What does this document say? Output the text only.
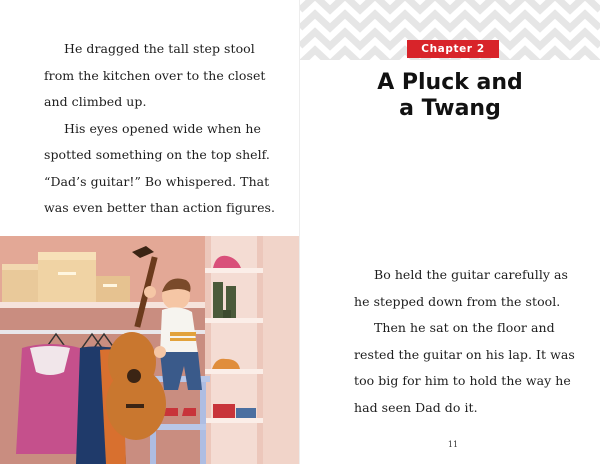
He dragged the tall step stool
from the kitchen over to the closet
and climbed up.
His eyes opened wide when he
spotted something on the top shelf.
“Dad’s guitar!” Bo whispered. That
was even better than action figures.
Chapter 2
A Pluck and
a Twang
Bo held the guitar carefully as
he stepped down from the stool.
Then he sat on the floor and
rested the guitar on his lap. It was
too big for him to hold the way he
had seen Dad do it.
11
